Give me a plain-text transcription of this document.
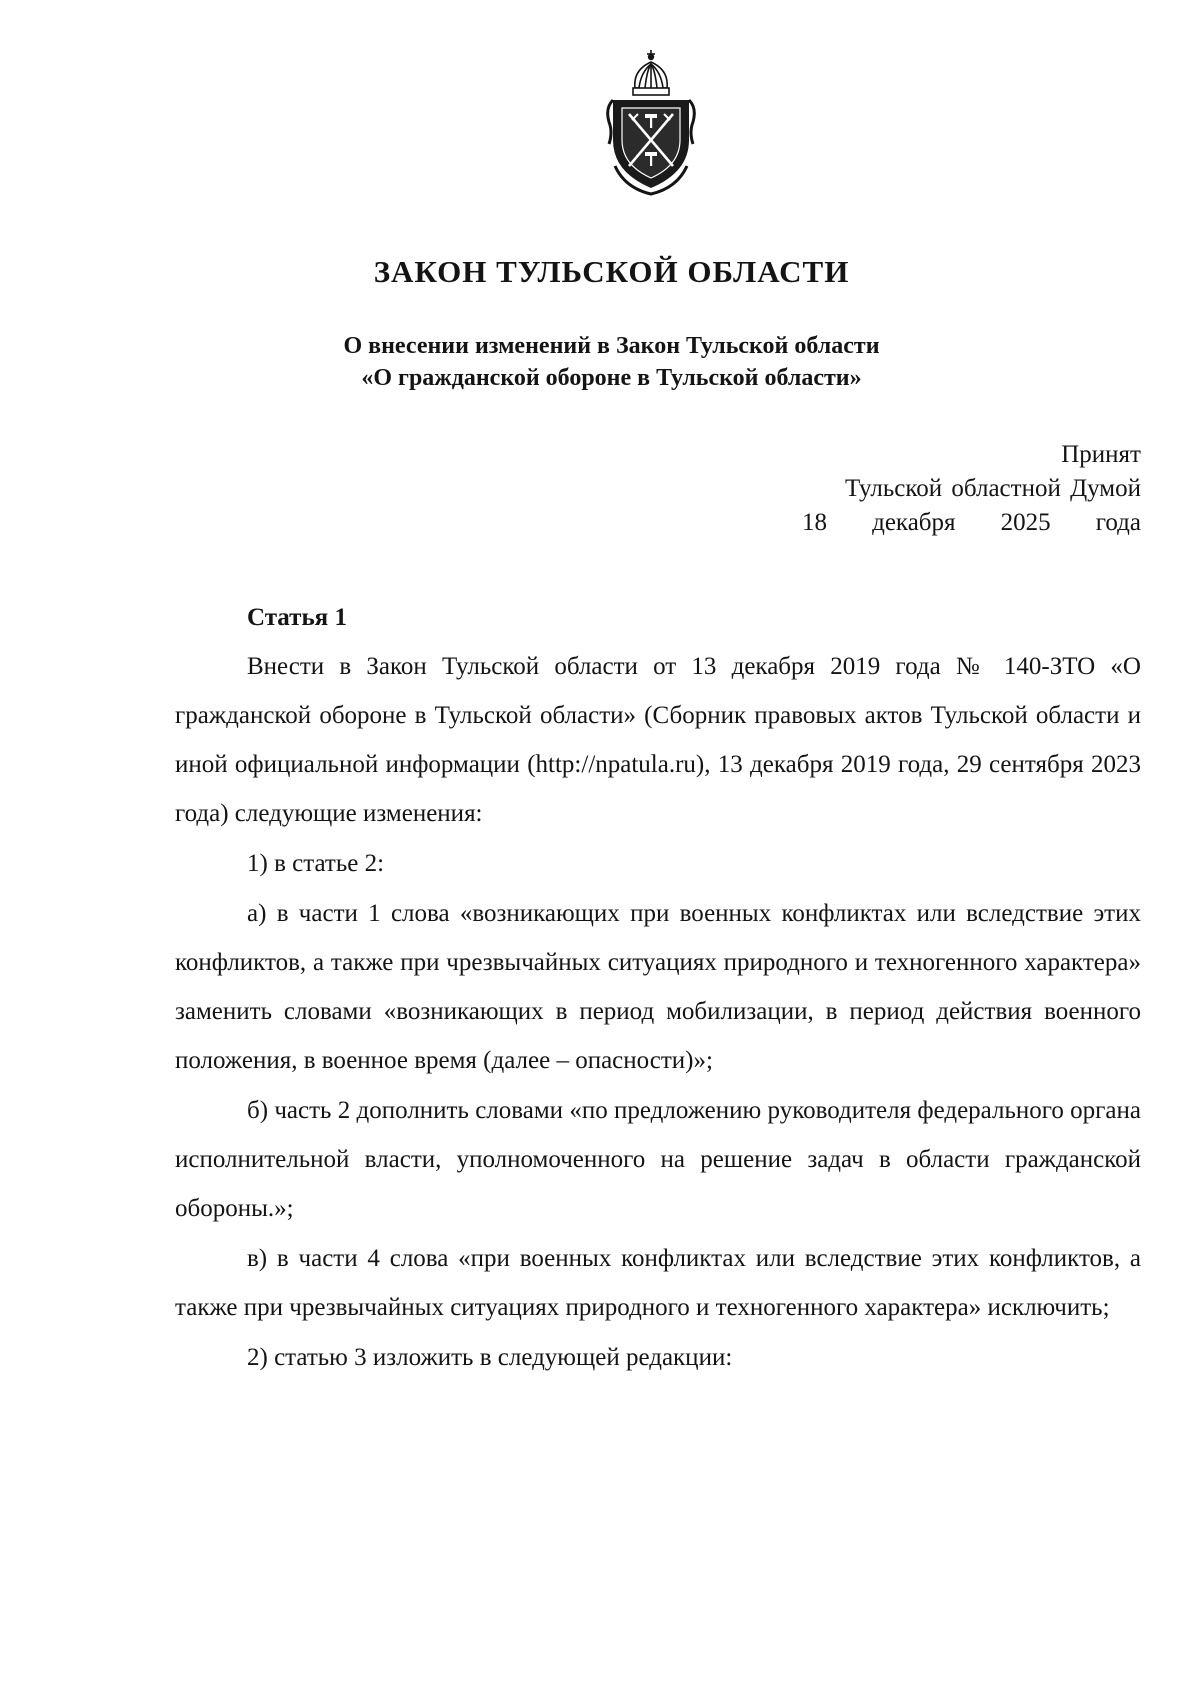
ЗАКОН ТУЛЬСКОЙ ОБЛАСТИ
О внесении изменений в Закон Тульской области
«О гражданской обороне в Тульской области»
Принят
Тульской областной Думой
18 декабря 2025 года
Статья 1

Внести в Закон Тульской области от 13 декабря 2019 года № 140-ЗТО «О гражданской обороне в Тульской области» (Сборник правовых актов Тульской области и иной официальной информации (http://npatula.ru), 13 декабря 2019 года, 29 сентября 2023 года) следующие изменения:

1) в статье 2:

а) в части 1 слова «возникающих при военных конфликтах или вследствие этих конфликтов, а также при чрезвычайных ситуациях природного и техногенного характера» заменить словами «возникающих в период мобилизации, в период действия военного положения, в военное время (далее – опасности)»;

б) часть 2 дополнить словами «по предложению руководителя федерального органа исполнительной власти, уполномоченного на решение задач в области гражданской обороны.»;

в) в части 4 слова «при военных конфликтах или вследствие этих конфликтов, а также при чрезвычайных ситуациях природного и техногенного характера» исключить;

2) статью 3 изложить в следующей редакции:
